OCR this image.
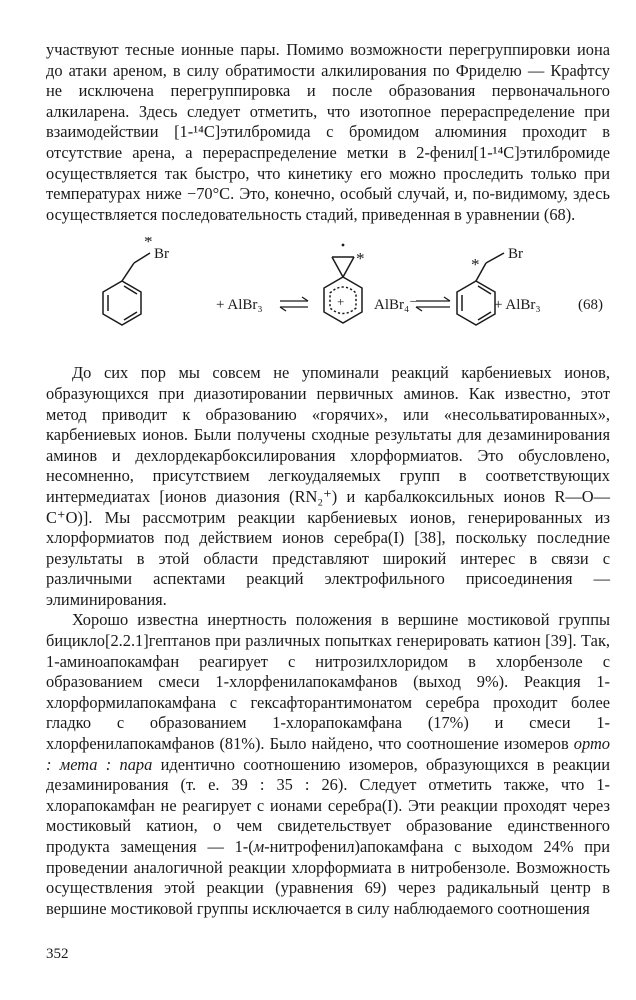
участвуют тесные ионные пары. Помимо возможности перегруппировки иона до атаки ареном, в силу обратимости алкилирования по Фриделю — Крафтсу не исключена перегруппировка и после образования первоначального алкиларена. Здесь следует отметить, что изотопное перераспределение при взаимодействии [1-¹⁴C]этилбромида с бромидом алюминия проходит в отсутствие арена, а перераспределение метки в 2-фенил[1-¹⁴C]этилбромиде осуществляется так быстро, что кинетику его можно проследить только при температурах ниже −70°C. Это, конечно, особый случай, и, по-видимому, здесь осуществляется последовательность стадий, приведенная в уравнении (68).

*
Br
+ AlBr₃
*
+ AlBr₄⁻
*
Br
+ AlBr₃ (68)

До сих пор мы совсем не упоминали реакций карбениевых ионов, образующихся при диазотировании первичных аминов. Как известно, этот метод приводит к образованию «горячих», или «несольватированных», карбениевых ионов. Были получены сходные результаты для дезаминирования аминов и дехлордекарбоксилирования хлорформиатов. Это обусловлено, несомненно, присутствием легкоудаляемых групп в соответствующих интермедиатах [ионов диазония (RN₂⁺) и карбалкоксильных ионов R—O—C⁺O)]. Мы рассмотрим реакции карбениевых ионов, генерированных из хлорформиатов под действием ионов серебра(I) [38], поскольку последние результаты в этой области представляют широкий интерес в связи с различными аспектами реакций электрофильного присоединения — элиминирования.

Хорошо известна инертность положения в вершине мостиковой группы бицикло[2.2.1]гептанов при различных попытках генерировать катион [39]. Так, 1-аминоапокамфан реагирует с нитрозилхлоридом в хлорбензоле с образованием смеси 1-хлорфенилапокамфанов (выход 9%). Реакция 1-хлорформилапокамфана с гексафторантимонатом серебра проходит более гладко с образованием 1-хлорапокамфана (17%) и смеси 1-хлорфенилапокамфанов (81%). Было найдено, что соотношение изомеров орто : мета : пара идентично соотношению изомеров, образующихся в реакции дезаминирования (т. е. 39 : 35 : 26). Следует отметить также, что 1-хлорапокамфан не реагирует с ионами серебра(I). Эти реакции проходят через мостиковый катион, о чем свидетельствует образование единственного продукта замещения — 1-(м-нитрофенил)апокамфана с выходом 24% при проведении аналогичной реакции хлорформиата в нитробензоле. Возможность осуществления этой реакции (уравнения 69) через радикальный центр в вершине мостиковой группы исключается в силу наблюдаемого соотношения

352
